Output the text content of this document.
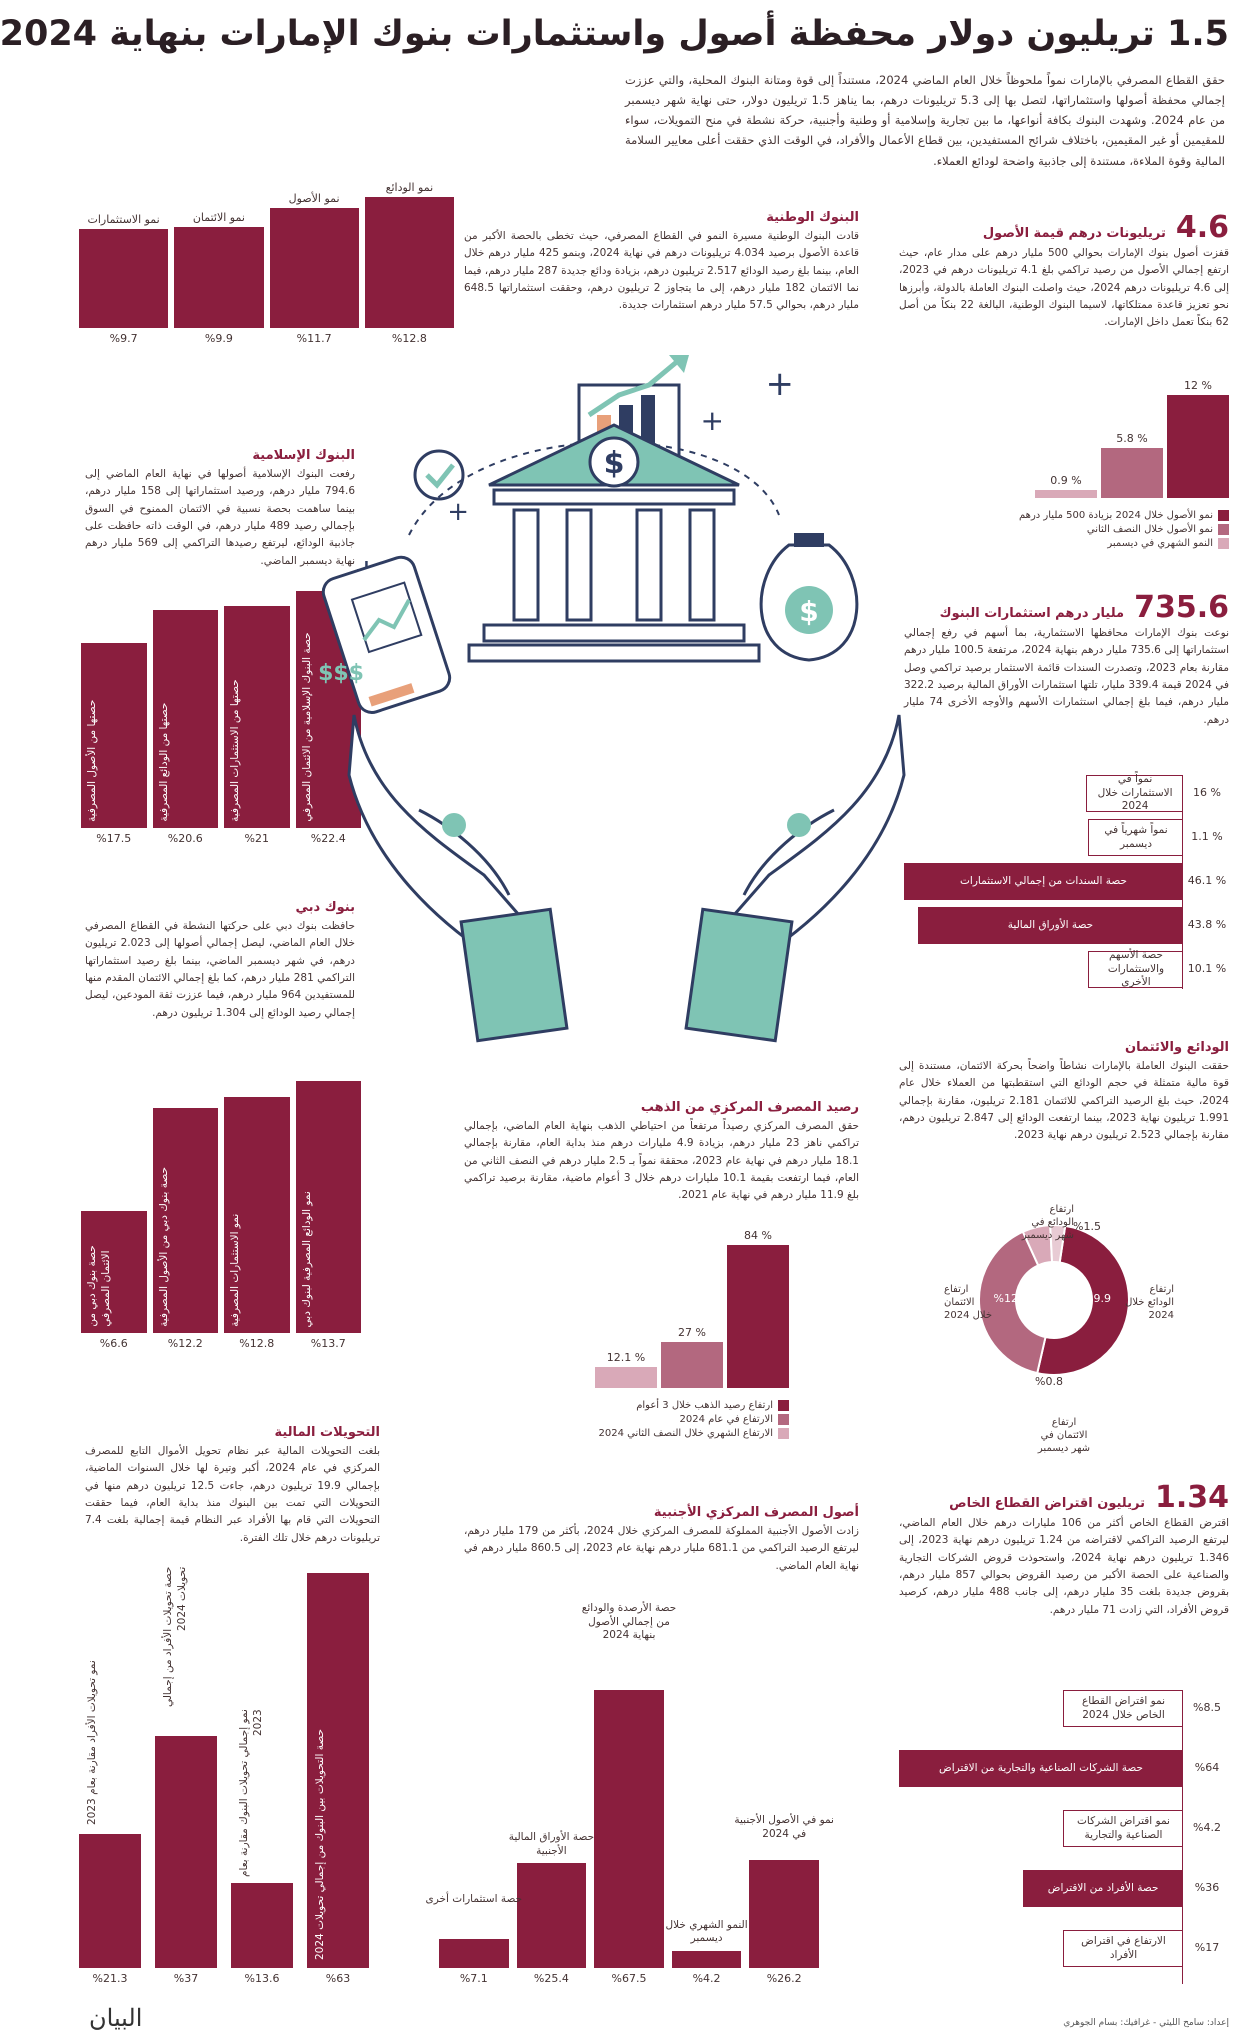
1.5 تريليون دولار محفظة أصول واستثمارات بنوك الإمارات بنهاية 2024

حقق القطاع المصرفي بالإمارات نمواً ملحوظاً خلال العام الماضي 2024، مستنداً إلى قوة ومتانة البنوك المحلية، والتي عززت إجمالي محفظة أصولها واستثماراتها، لتصل بها إلى 5.3 تريليونات درهم، بما يناهز 1.5 تريليون دولار، حتى نهاية شهر ديسمبر من عام 2024. وشهدت البنوك بكافة أنواعها، ما بين تجارية وإسلامية أو وطنية وأجنبية، حركة نشطة في منح التمويلات، سواء للمقيمين أو غير المقيمين، باختلاف شرائح المستفيدين، بين قطاع الأعمال والأفراد، في الوقت الذي حققت أعلى معايير السلامة المالية وقوة الملاءة، مستندة إلى جاذبية واضحة لودائع العملاء.

4.6
تريليونات درهم قيمة الأصول

قفزت أصول بنوك الإمارات بحوالي 500 مليار درهم على مدار عام، حيث ارتفع إجمالي الأصول من رصيد تراكمي بلغ 4.1 تريليونات درهم في 2023، إلى 4.6 تريليونات درهم 2024، حيث واصلت البنوك العاملة بالدولة، وأبرزها نحو تعزيز قاعدة ممتلكاتها، لاسيما البنوك الوطنية، البالغة 22 بنكاً من أصل 62 بنكاً تعمل داخل الإمارات.

% 12
% 5.8
% 0.9
نمو الأصول خلال 2024 بزيادة 500 مليار درهم
نمو الأصول خلال النصف الثاني
النمو الشهري في ديسمبر
البنوك الوطنية

قادت البنوك الوطنية مسيرة النمو في القطاع المصرفي، حيث تخطى بالحصة الأكبر من قاعدة الأصول برصيد 4.034 تريليونات درهم في نهاية 2024، وبنمو 425 مليار درهم خلال العام، بينما بلغ رصيد الودائع 2.517 تريليون درهم، بزيادة ودائع جديدة 287 مليار درهم، فيما نما الائتمان 182 مليار درهم، إلى ما يتجاوز 2 تريليون درهم، وحققت استثماراتها 648.5 مليار درهم، بحوالي 57.5 مليار درهم استثمارات جديدة.

%12.8
نمو الودائع
%11.7
نمو الأصول
%9.9
نمو الائتمان
%9.7
نمو الاستثمارات
البنوك الإسلامية

رفعت البنوك الإسلامية أصولها في نهاية العام الماضي إلى 794.6 مليار درهم، ورصيد استثماراتها إلى 158 مليار درهم، بينما ساهمت بحصة نسبية في الائتمان الممنوح في السوق بإجمالي رصيد 489 مليار درهم، في الوقت ذاته حافظت على جاذبية الودائع، ليرتفع رصيدها التراكمي إلى 569 مليار درهم نهاية ديسمبر الماضي.

%22.4
حصة البنوك الإسلامية من الائتمان المصرفي
%21
حصتها من الاستثمارات المصرفية
%20.6
حصتها من الودائع المصرفية
%17.5
حصتها من الأصول المصرفية
+
+
+
$
$$$
$	735.6
مليار درهم استثمارات البنوك

نوعت بنوك الإمارات محافظها الاستثمارية، بما أسهم في رفع إجمالي استثماراتها إلى 735.6 مليار درهم بنهاية 2024، مرتفعة 100.5 مليار درهم مقارنة بعام 2023، وتصدرت السندات قائمة الاستثمار برصيد تراكمي وصل في 2024 قيمة 339.4 مليار، تلتها استثمارات الأوراق المالية برصيد 322.2 مليار درهم، فيما بلغ إجمالي استثمارات الأسهم والأوجه الأخرى 74 مليار درهم.

نمواً في الاستثمارات خلال 2024
% 16
نمواً شهرياً في ديسمبر
% 1.1
حصة السندات من إجمالي الاستثمارات	% 46.1
حصة الأوراق المالية	% 43.8
حصة الأسهم والاستثمارات الأخرى
% 10.1
بنوك دبي

حافظت بنوك دبي على حركتها النشطة في القطاع المصرفي خلال العام الماضي، ليصل إجمالي أصولها إلى 2.023 تريليون درهم، في شهر ديسمبر الماضي، بينما بلغ رصيد استثماراتها التراكمي 281 مليار درهم، كما بلغ إجمالي الائتمان المقدم منها للمستفيدين 964 مليار درهم، فيما عززت ثقة المودعين، ليصل إجمالي رصيد الودائع إلى 1.304 تريليون درهم.

%13.7
نمو الودائع المصرفية لبنوك دبي
%12.8
نمو الاستثمارات المصرفية
%12.2
حصة بنوك دبي من الأصول المصرفية
%6.6
حصة بنوك دبي من الائتمان المصرفي
الودائع والائتمان

حققت البنوك العاملة بالإمارات نشاطاً واضحاً بحركة الائتمان، مستندة إلى قوة مالية متمثلة في حجم الودائع التي استقطبتها من العملاء خلال عام 2024، حيث بلغ الرصيد التراكمي للائتمان 2.181 تريليون، مقارنة بإجمالي 1.991 تريليون نهاية 2023، بينما ارتفعت الودائع إلى 2.847 تريليون درهم، مقارنة بإجمالي 2.523 تريليون درهم نهاية 2023.

ارتفاع الودائع خلال 2024
%12.8
ارتفاع الائتمان خلال 2024
%9.9
ارتفاع الودائع في شهر ديسمبر
%1.5
ارتفاع الائتمان في شهر ديسمبر
%0.8
رصيد المصرف المركزي من الذهب

حقق المصرف المركزي رصيداً مرتفعاً من احتياطي الذهب بنهاية العام الماضي، بإجمالي تراكمي ناهز 23 مليار درهم، بزيادة 4.9 مليارات درهم منذ بداية العام، مقارنة بإجمالي 18.1 مليار درهم في نهاية عام 2023، محققة نمواً بـ 2.5 مليار درهم في النصف الثاني من العام، فيما ارتفعت بقيمة 10.1 مليارات درهم خلال 3 أعوام ماضية، مقارنة برصيد تراكمي بلغ 11.9 مليار درهم في نهاية عام 2021.

% 84
% 27
% 12.1
ارتفاع رصيد الذهب خلال 3 أعوام
الارتفاع في عام 2024
الارتفاع الشهري خلال النصف الثاني 2024
1.34
تريليون اقتراض القطاع الخاص

اقترض القطاع الخاص أكثر من 106 مليارات درهم خلال العام الماضي، ليرتفع الرصيد التراكمي لاقتراضه من 1.24 تريليون درهم نهاية 2023، إلى 1.346 تريليون درهم نهاية 2024، واستحوذت قروض الشركات التجارية والصناعية على الحصة الأكبر من رصيد القروض بحوالي 857 مليار درهم، بقروض جديدة بلغت 35 مليار درهم، إلى جانب 488 مليار درهم، كرصيد قروض الأفراد، التي زادت 71 مليار درهم.

نمو اقتراض القطاع الخاص خلال 2024
%8.5
حصة الشركات الصناعية والتجارية من الاقتراض	%64
نمو اقتراض الشركات الصناعية والتجارية
%4.2
حصة الأفراد من الاقتراض	%36
الارتفاع في اقتراض الأفراد
%17
التحويلات المالية

بلغت التحويلات المالية عبر نظام تحويل الأموال التابع للمصرف المركزي في عام 2024، أكبر وتيرة لها خلال السنوات الماضية، بإجمالي 19.9 تريليون درهم، جاءت 12.5 تريليون درهم منها في التحويلات التي تمت بين البنوك منذ بداية العام، فيما حققت التحويلات التي قام بها الأفراد عبر النظام قيمة إجمالية بلغت 7.4 تريليونات درهم خلال تلك الفترة.

%63
حصة التحويلات بين البنوك من إجمالي تحويلات 2024
%13.6
نمو إجمالي تحويلات البنوك مقارنة بعام 2023
%37
حصة تحويلات الأفراد من إجمالي تحويلات 2024
%21.3
نمو تحويلات الأفراد مقارنة بعام 2023
أصول المصرف المركزي الأجنبية

زادت الأصول الأجنبية المملوكة للمصرف المركزي خلال 2024، بأكثر من 179 مليار درهم، ليرتفع الرصيد التراكمي من 681.1 مليار درهم نهاية عام 2023، إلى 860.5 مليار درهم في نهاية العام الماضي.

%26.2
نمو في الأصول الأجنبية في 2024
%4.2
النمو الشهري خلال ديسمبر
%67.5
حصة الأرصدة والودائع من إجمالي الأصول بنهاية 2024
%25.4
حصة الأوراق المالية الأجنبية
%7.1
حصة استثمارات أخرى
البيان	إعداد: سامح الليثي - غرافيك: بسام الجوهري
